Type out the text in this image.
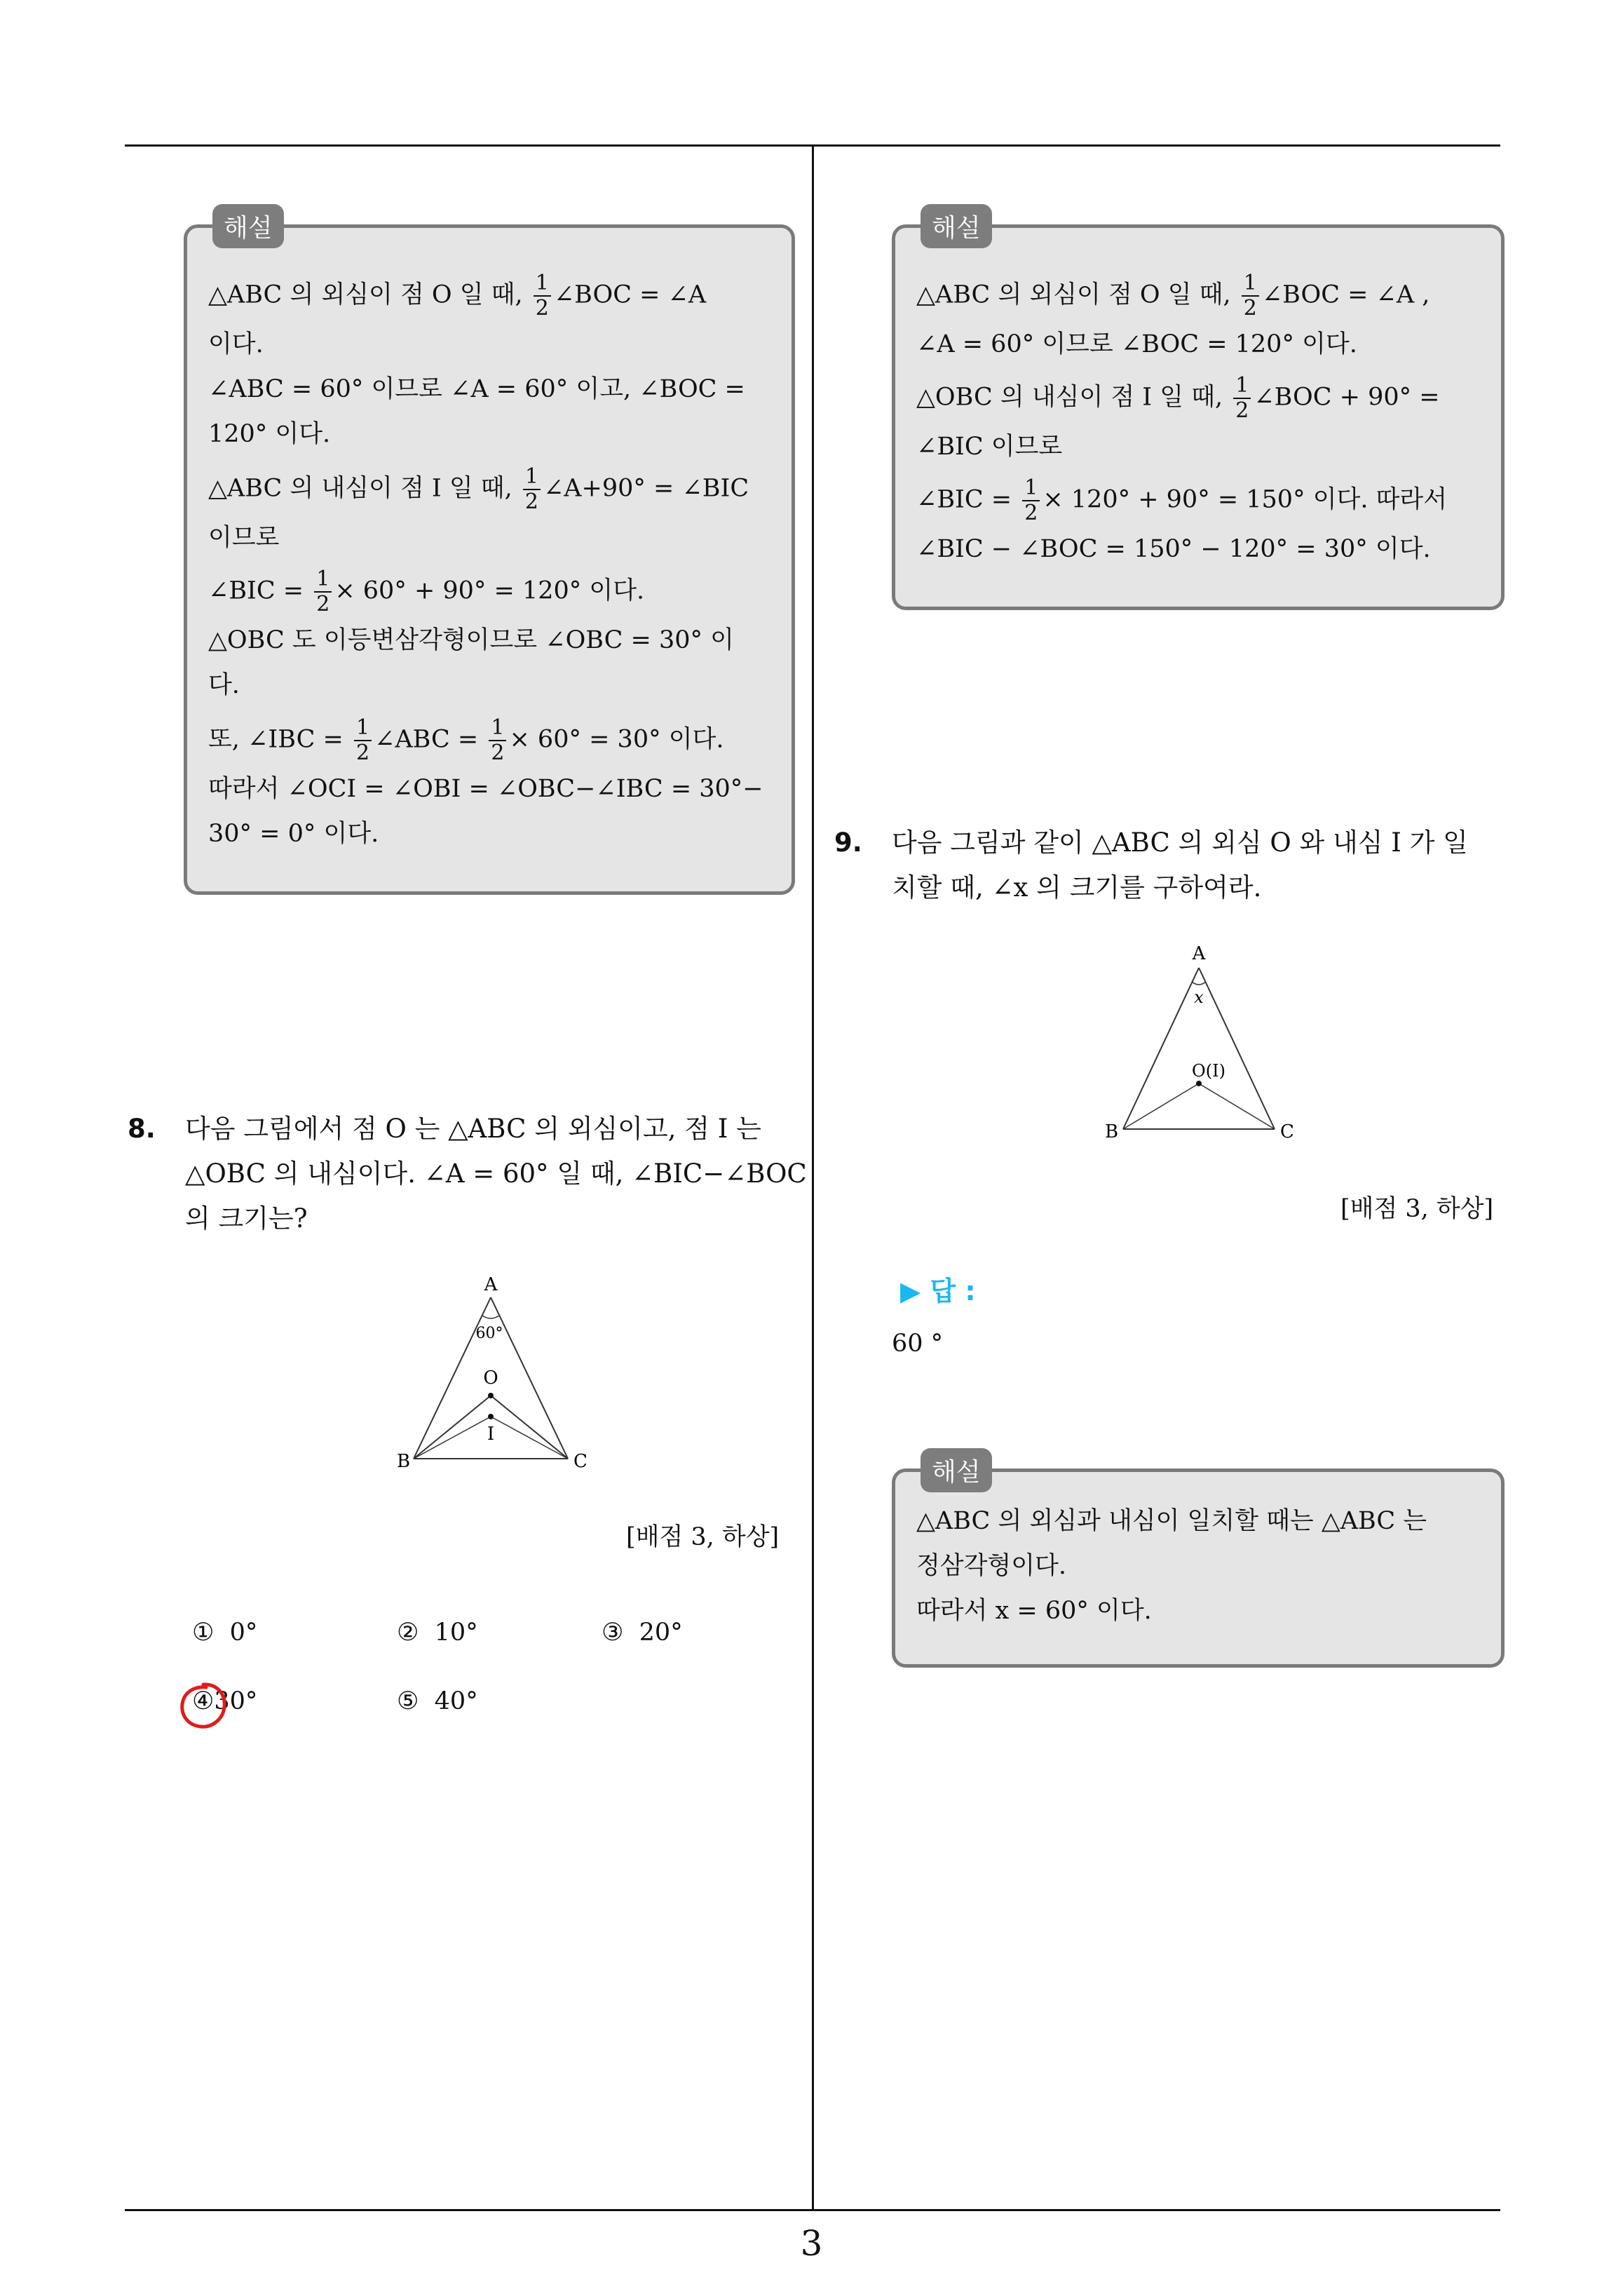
해설
△ABC 의 외심이 점 O 일 때, $\frac{1}{2}$ ∠BOC = ∠A
이다.
∠ABC = 60° 이므로 ∠A = 60° 이고, ∠BOC =
120° 이다.
△ABC 의 내심이 점 I 일 때, $\frac{1}{2}$ ∠A+90° = ∠BIC
이므로
∠BIC = $\frac{1}{2} \times 60^\circ + 90^\circ = 120^\circ$ 이다.
△OBC 도 이등변삼각형이므로 ∠OBC = 30° 이
다.
또, ∠IBC = $\frac{1}{2}$ ∠ABC = $\frac{1}{2} \times 60^\circ = 30^\circ$ 이다.
따라서 ∠OCI = ∠OBI = ∠OBC−∠IBC = 30°−
30° = 0° 이다.
8. 다음 그림에서 점 O 는 △ABC 의 외심이고, 점 I 는
△OBC 의 내심이다. ∠A = 60° 일 때, ∠BIC−∠BOC
의 크기는?
A
60°
O
I
B	C
[배점 3, 하상]
① 0°	② 10°	③ 20°
④30°	⑤ 40°
해설
△ABC 의 외심이 점 O 일 때, $\frac{1}{2}$ ∠BOC = ∠A ,
∠A = 60° 이므로 ∠BOC = 120° 이다.
△OBC 의 내심이 점 I 일 때, $\frac{1}{2}$ ∠BOC + 90° =
∠BIC 이므로
∠BIC = $\frac{1}{2} \times 120^\circ + 90^\circ = 150^\circ$ 이다. 따라서
∠BIC − ∠BOC = 150° − 120° = 30° 이다.
9. 다음 그림과 같이 △ABC 의 외심 O 와 내심 I 가 일
치할 때, ∠x 의 크기를 구하여라.
A
x
O(I)
B	C
[배점 3, 하상]
▶ 답 :
60 °
해설
△ABC 의 외심과 내심이 일치할 때는 △ABC 는
정삼각형이다.
따라서 x = 60° 이다.
3
